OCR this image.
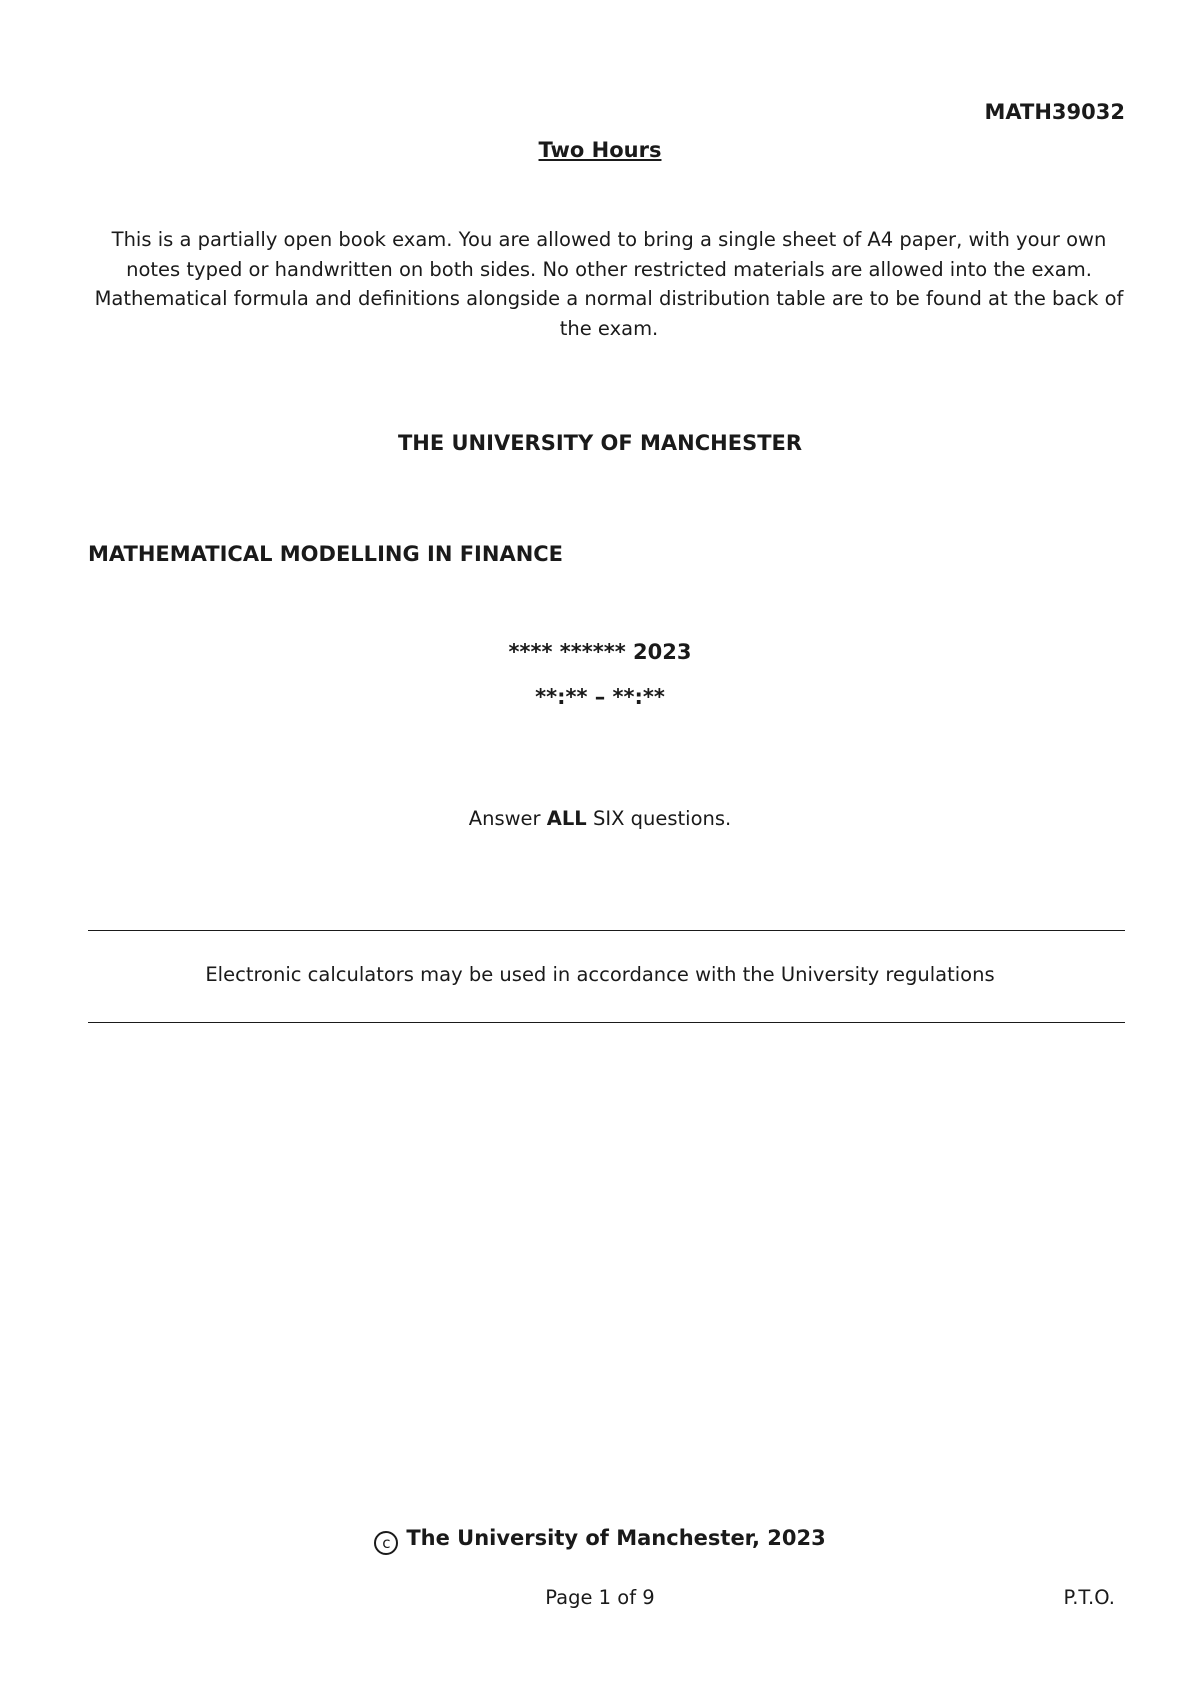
MATH39032
Two Hours
This is a partially open book exam. You are allowed to bring a single sheet of A4 paper, with your own notes typed or handwritten on both sides. No other restricted materials are allowed into the exam. Mathematical formula and definitions alongside a normal distribution table are to be found at the back of the exam.
THE UNIVERSITY OF MANCHESTER
MATHEMATICAL MODELLING IN FINANCE
**** ****** 2023
**:** – **:**
Answer ALL SIX questions.
Electronic calculators may be used in accordance with the University regulations
c The University of Manchester, 2023
Page 1 of 9	P.T.O.
